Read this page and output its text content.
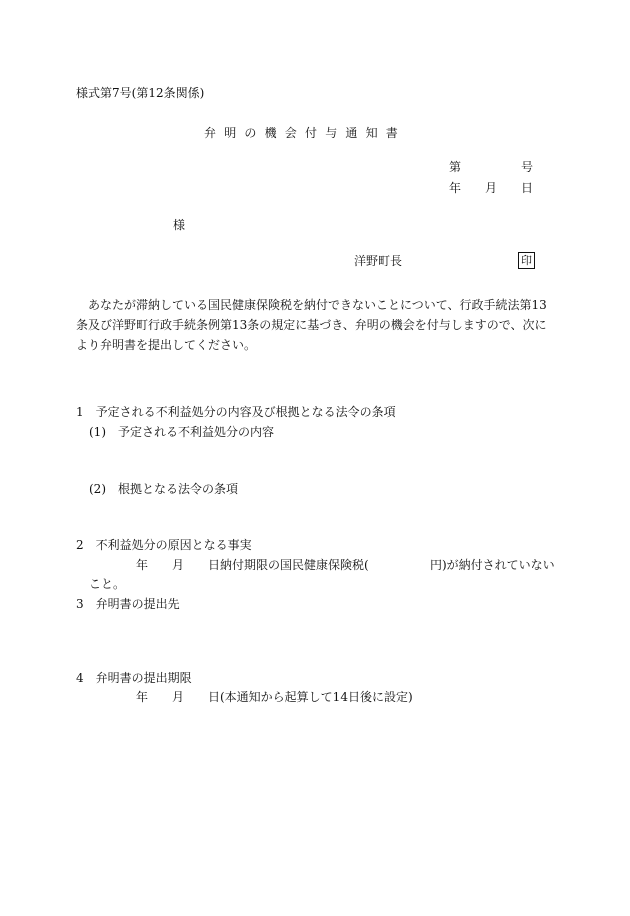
様式第7号(第12条関係)
弁明の機会付与通知書
第	号
年 月 日
様
洋野町長	印
あなたが滞納している国民健康保険税を納付できないことについて、行政手続法第13条及び洋野町行政手続条例第13条の規定に基づき、弁明の機会を付与しますので、次により弁明書を提出してください。
1　予定される不利益処分の内容及び根拠となる法令の条項
(1)　予定される不利益処分の内容
(2)　根拠となる法令の条項
2　不利益処分の原因となる事実
年 月 日納付期限の国民健康保険税(	円)が納付されていない
こと。
3　弁明書の提出先
4　弁明書の提出期限
年 月 日(本通知から起算して14日後に設定)
